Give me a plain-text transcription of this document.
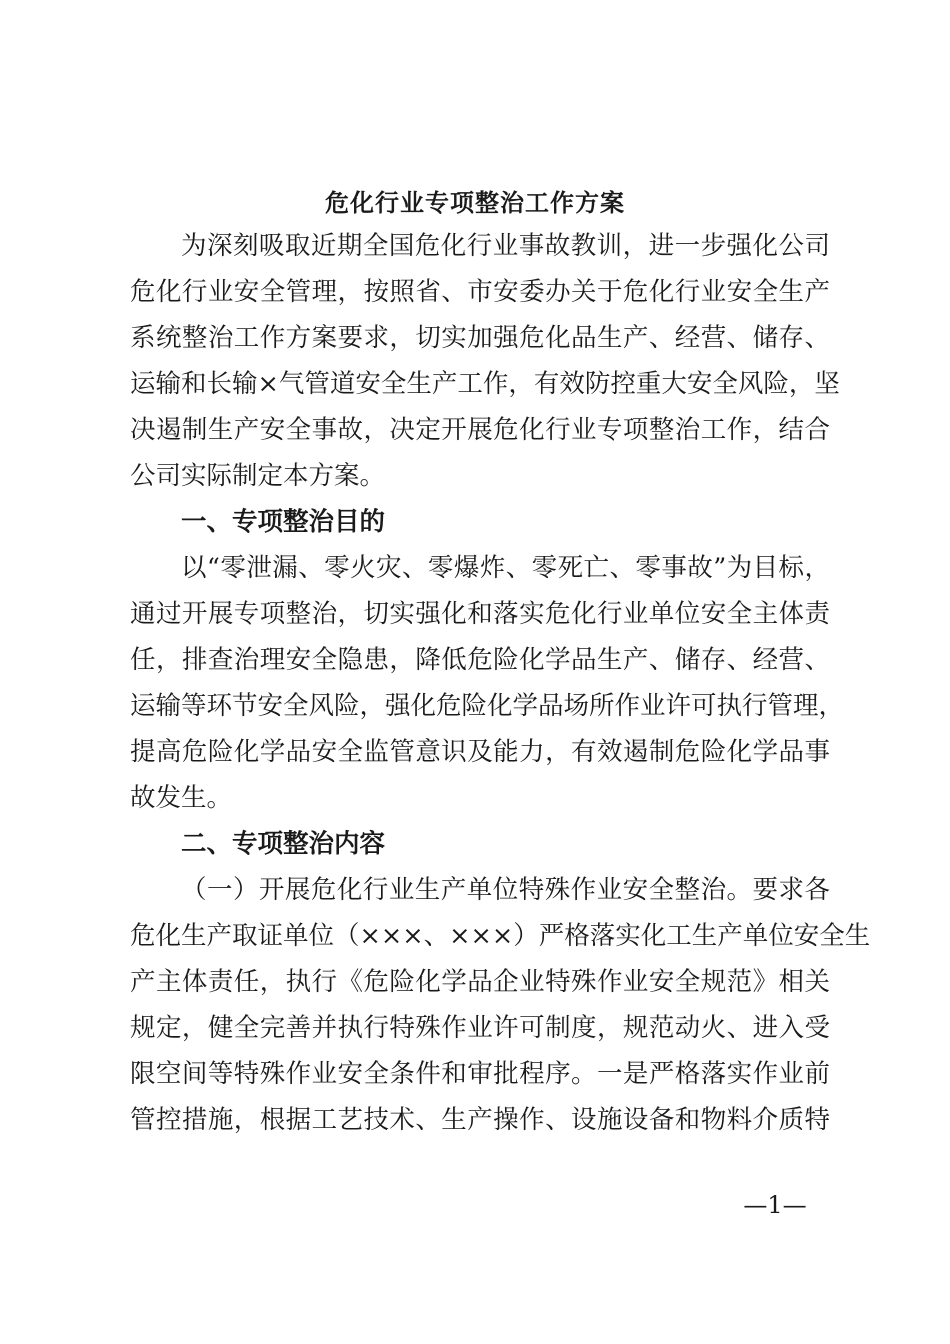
危化行业专项整治工作方案
为深刻吸取近期全国危化行业事故教训，进一步强化公司
危化行业安全管理，按照省、市安委办关于危化行业安全生产
系统整治工作方案要求，切实加强危化品生产、经营、储存、
运输和长输×气管道安全生产工作，有效防控重大安全风险，坚
决遏制生产安全事故，决定开展危化行业专项整治工作，结合
公司实际制定本方案。
一、专项整治目的
以“零泄漏、零火灾、零爆炸、零死亡、零事故”为目标，
通过开展专项整治，切实强化和落实危化行业单位安全主体责
任，排查治理安全隐患，降低危险化学品生产、储存、经营、
运输等环节安全风险，强化危险化学品场所作业许可执行管理，
提高危险化学品安全监管意识及能力，有效遏制危险化学品事
故发生。
二、专项整治内容
（一）开展危化行业生产单位特殊作业安全整治。要求各
危化生产取证单位（×××、×××）严格落实化工生产单位安全生
产主体责任，执行《危险化学品企业特殊作业安全规范》相关
规定，健全完善并执行特殊作业许可制度，规范动火、进入受
限空间等特殊作业安全条件和审批程序。一是严格落实作业前
管控措施，根据工艺技术、生产操作、设施设备和物料介质特
—1—
